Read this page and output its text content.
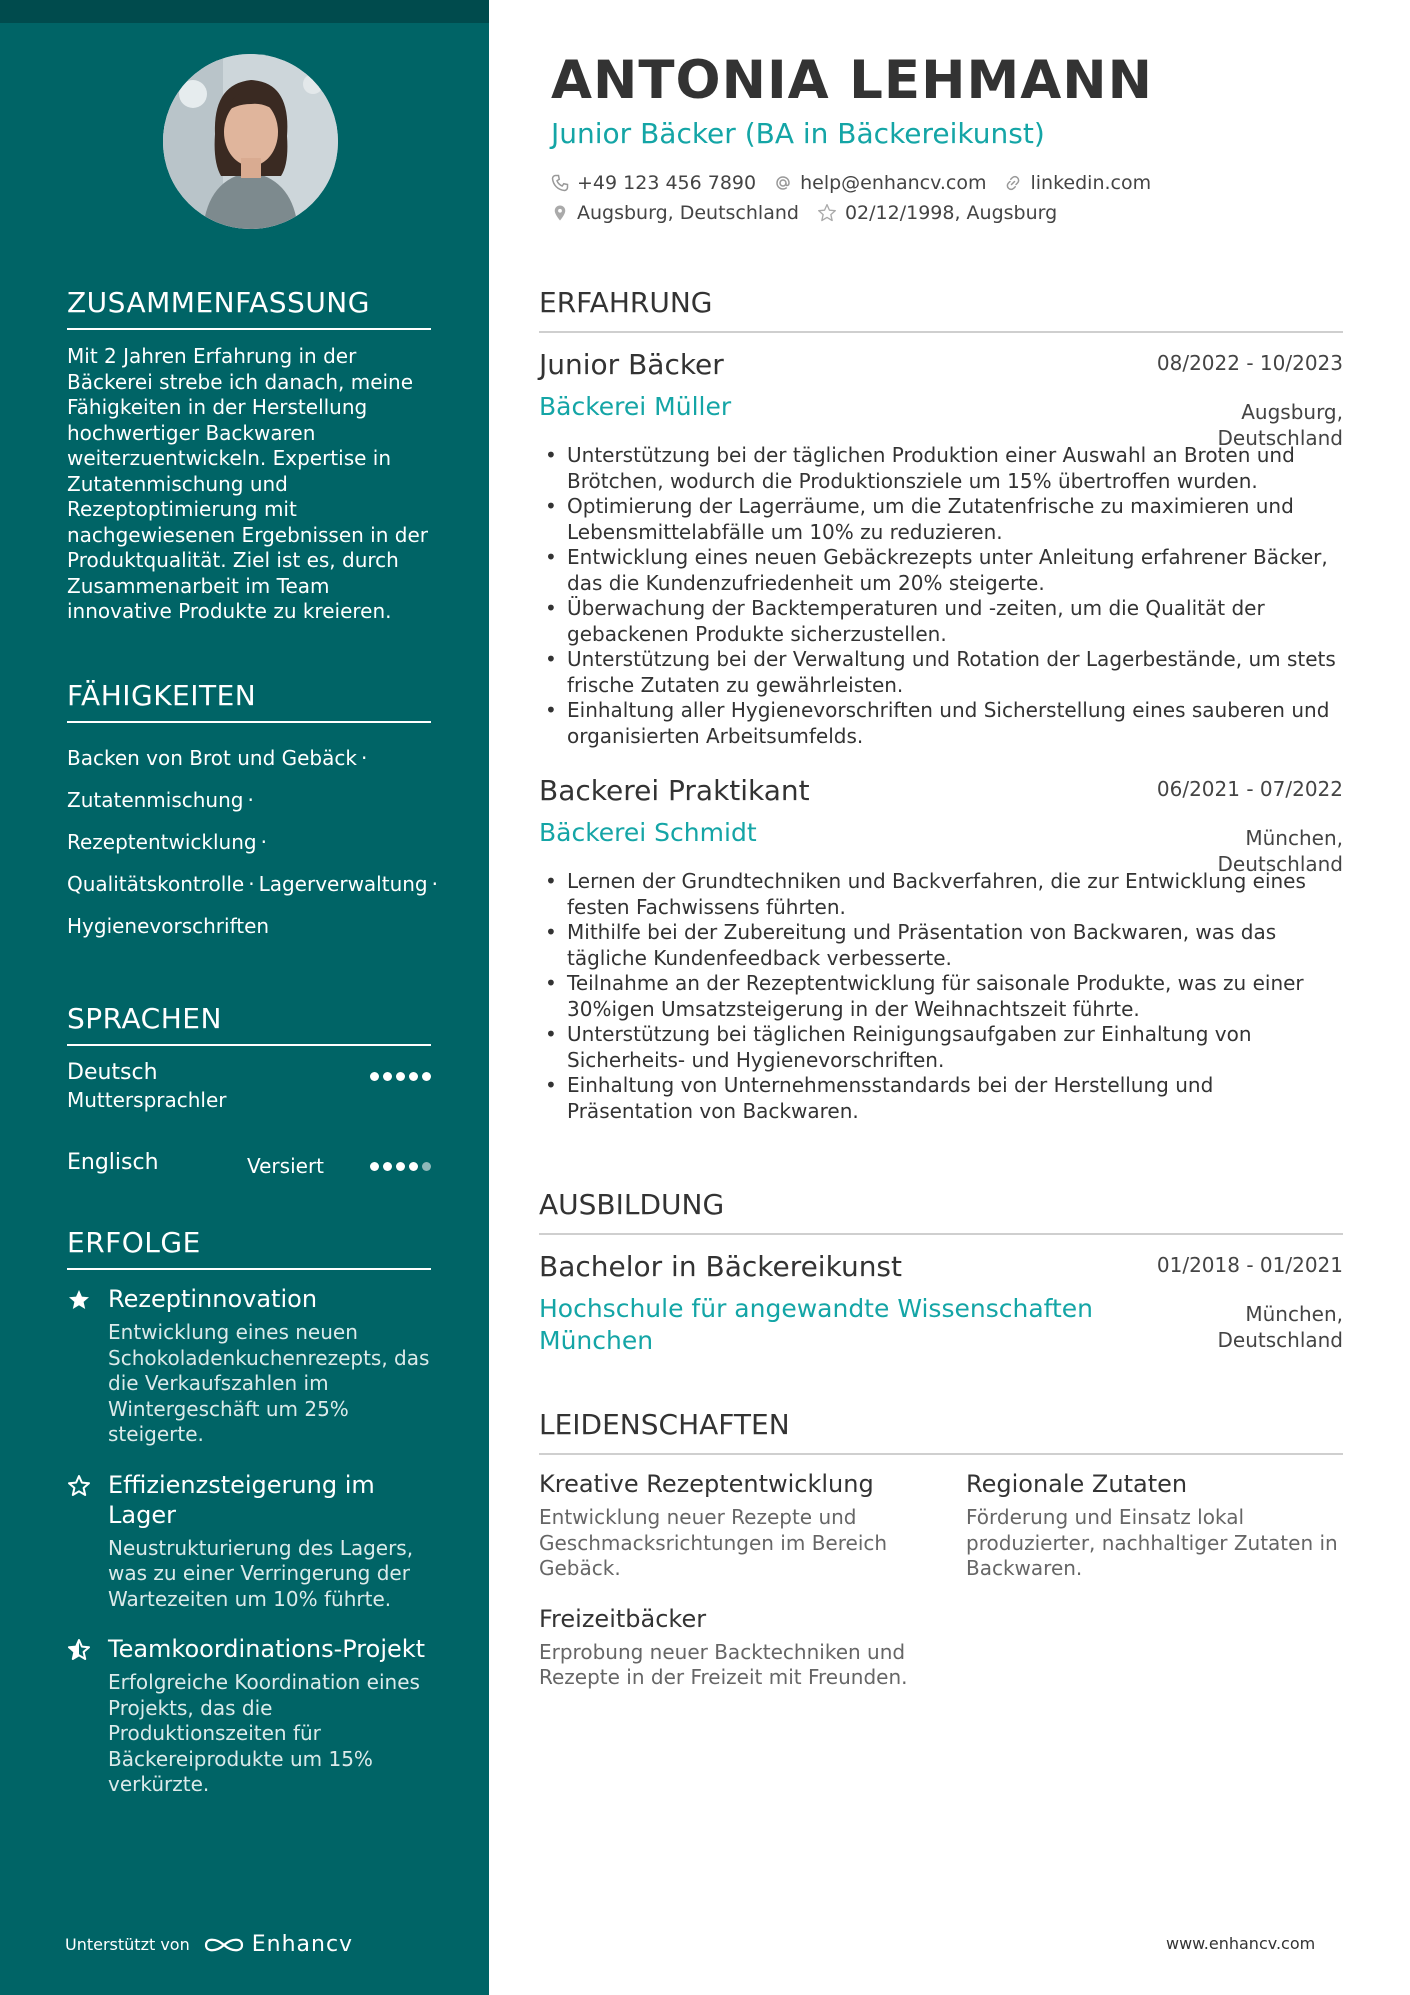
ZUSAMMENFASSUNG
Mit 2 Jahren Erfahrung in der Bäckerei strebe ich danach, meine Fähigkeiten in der Herstellung hochwertiger Backwaren weiterzuentwickeln. Expertise in Zutatenmischung und Rezeptoptimierung mit nachgewiesenen Ergebnissen in der Produktqualität. Ziel ist es, durch Zusammenarbeit im Team innovative Produkte zu kreieren.
FÄHIGKEITEN
Backen von Brot und Gebäck ·
Zutatenmischung ·
Rezeptentwicklung ·
Qualitätskontrolle · Lagerverwaltung ·
Hygienevorschriften
SPRACHEN
Deutsch
Muttersprachler
Englisch	Versiert
ERFOLGE
Rezeptinnovation
Entwicklung eines neuen Schokoladenkuchenrezepts, das die Verkaufszahlen im Wintergeschäft um 25% steigerte.
Effizienzsteigerung im Lager
Neustrukturierung des Lagers, was zu einer Verringerung der Wartezeiten um 10% führte.
Teamkoordinations-Projekt
Erfolgreiche Koordination eines Projekts, das die Produktionszeiten für Bäckereiprodukte um 15% verkürzte.
Unterstützt von	Enhancv
ANTONIA LEHMANN
Junior Bäcker (BA in Bäckereikunst)
+49 123 456 7890 help@enhancv.com linkedin.com
Augsburg, Deutschland 02/12/1998, Augsburg
ERFAHRUNG
Junior Bäcker	08/2022 - 10/2023
Bäckerei Müller	Augsburg,
Deutschland
• Unterstützung bei der täglichen Produktion einer Auswahl an Broten und Brötchen, wodurch die Produktionsziele um 15% übertroffen wurden.
• Optimierung der Lagerräume, um die Zutatenfrische zu maximieren und Lebensmittelabfälle um 10% zu reduzieren.
• Entwicklung eines neuen Gebäckrezepts unter Anleitung erfahrener Bäcker, das die Kundenzufriedenheit um 20% steigerte.
• Überwachung der Backtemperaturen und -zeiten, um die Qualität der gebackenen Produkte sicherzustellen.
• Unterstützung bei der Verwaltung und Rotation der Lagerbestände, um stets frische Zutaten zu gewährleisten.
• Einhaltung aller Hygienevorschriften und Sicherstellung eines sauberen und organisierten Arbeitsumfelds.
Backerei Praktikant	06/2021 - 07/2022
Bäckerei Schmidt	München,
Deutschland
• Lernen der Grundtechniken und Backverfahren, die zur Entwicklung eines festen Fachwissens führten.
• Mithilfe bei der Zubereitung und Präsentation von Backwaren, was das tägliche Kundenfeedback verbesserte.
• Teilnahme an der Rezeptentwicklung für saisonale Produkte, was zu einer 30%igen Umsatzsteigerung in der Weihnachtszeit führte.
• Unterstützung bei täglichen Reinigungsaufgaben zur Einhaltung von Sicherheits- und Hygienevorschriften.
• Einhaltung von Unternehmensstandards bei der Herstellung und Präsentation von Backwaren.
AUSBILDUNG
Bachelor in Bäckereikunst	01/2018 - 01/2021
Hochschule für angewandte Wissenschaften München
München,
Deutschland
LEIDENSCHAFTEN
Kreative Rezeptentwicklung
Entwicklung neuer Rezepte und Geschmacksrichtungen im Bereich Gebäck.
Regionale Zutaten
Förderung und Einsatz lokal produzierter, nachhaltiger Zutaten in Backwaren.
Freizeitbäcker
Erprobung neuer Backtechniken und Rezepte in der Freizeit mit Freunden.
www.enhancv.com
